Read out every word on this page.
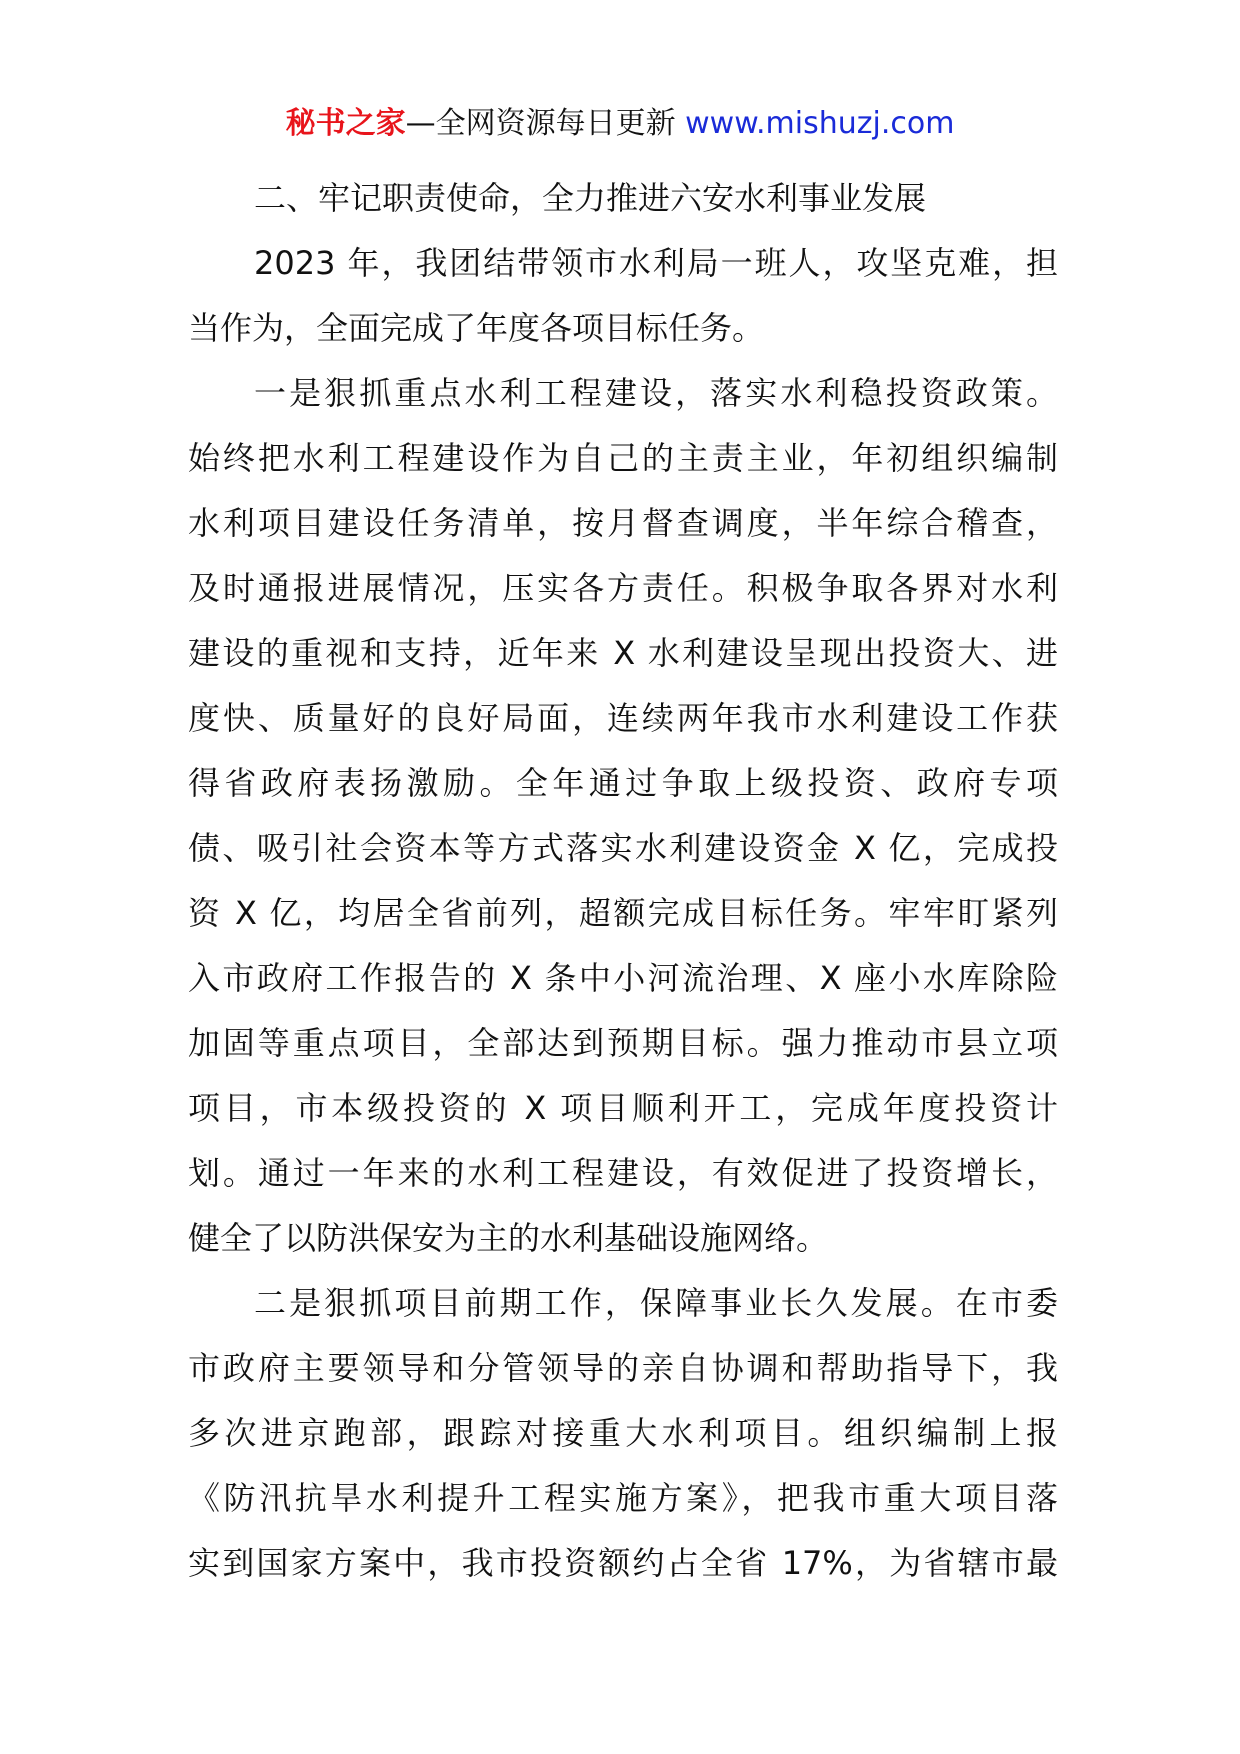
秘书之家—全网资源每日更新 www.mishuzj.com
二、牢记职责使命，全力推进六安水利事业发展
2023 年，我团结带领市水利局一班人，攻坚克难，担
当作为，全面完成了年度各项目标任务。
一是狠抓重点水利工程建设，落实水利稳投资政策。
始终把水利工程建设作为自己的主责主业，年初组织编制
水利项目建设任务清单，按月督查调度，半年综合稽查，
及时通报进展情况，压实各方责任。积极争取各界对水利
建设的重视和支持，近年来 X 水利建设呈现出投资大、进
度快、质量好的良好局面，连续两年我市水利建设工作获
得省政府表扬激励。全年通过争取上级投资、政府专项
债、吸引社会资本等方式落实水利建设资金 X 亿，完成投
资 X 亿，均居全省前列，超额完成目标任务。牢牢盯紧列
入市政府工作报告的 X 条中小河流治理、X 座小水库除险
加固等重点项目，全部达到预期目标。强力推动市县立项
项目，市本级投资的 X 项目顺利开工，完成年度投资计
划。通过一年来的水利工程建设，有效促进了投资增长，
健全了以防洪保安为主的水利基础设施网络。
二是狠抓项目前期工作，保障事业长久发展。在市委
市政府主要领导和分管领导的亲自协调和帮助指导下，我
多次进京跑部，跟踪对接重大水利项目。组织编制上报
《防汛抗旱水利提升工程实施方案》，把我市重大项目落
实到国家方案中，我市投资额约占全省 17%，为省辖市最
